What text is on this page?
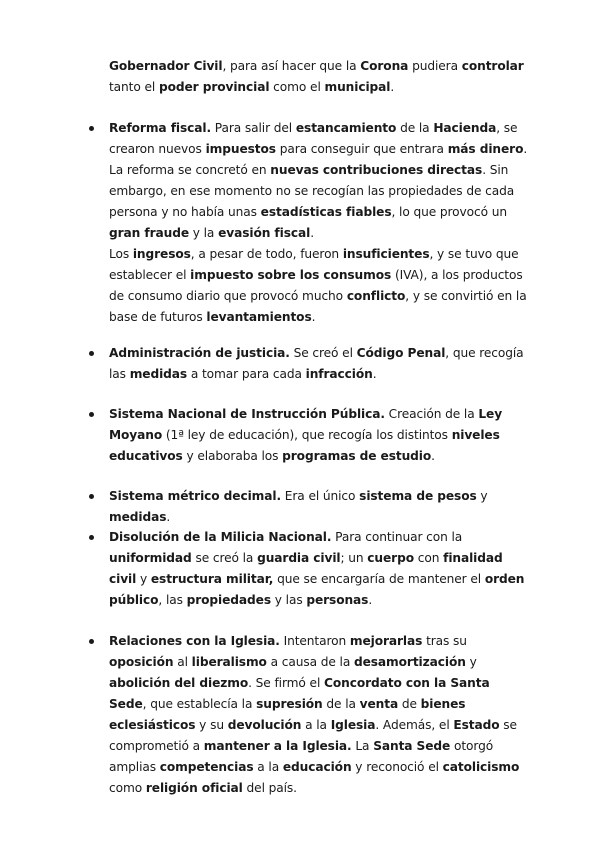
Gobernador Civil, para así hacer que la Corona pudiera controlar tanto el poder provincial como el municipal.

Reforma fiscal. Para salir del estancamiento de la Hacienda, se crearon nuevos impuestos para conseguir que entrara más dinero. La reforma se concretó en nuevas contribuciones directas. Sin embargo, en ese momento no se recogían las propiedades de cada persona y no había unas estadísticas fiables, lo que provocó un gran fraude y la evasión fiscal.
Los ingresos, a pesar de todo, fueron insuficientes, y se tuvo que establecer el impuesto sobre los consumos (IVA), a los productos de consumo diario que provocó mucho conflicto, y se convirtió en la base de futuros levantamientos.

Administración de justicia. Se creó el Código Penal, que recogía las medidas a tomar para cada infracción.

Sistema Nacional de Instrucción Pública. Creación de la Ley Moyano (1ª ley de educación), que recogía los distintos niveles educativos y elaboraba los programas de estudio.

Sistema métrico decimal. Era el único sistema de pesos y medidas.

Disolución de la Milicia Nacional. Para continuar con la uniformidad se creó la guardia civil; un cuerpo con finalidad civil y estructura militar, que se encargaría de mantener el orden público, las propiedades y las personas.

Relaciones con la Iglesia. Intentaron mejorarlas tras su oposición al liberalismo a causa de la desamortización y abolición del diezmo. Se firmó el Concordato con la Santa Sede, que establecía la supresión de la venta de bienes eclesiásticos y su devolución a la Iglesia. Además, el Estado se comprometió a mantener a la Iglesia. La Santa Sede otorgó amplias competencias a la educación y reconoció el catolicismo como religión oficial del país.
